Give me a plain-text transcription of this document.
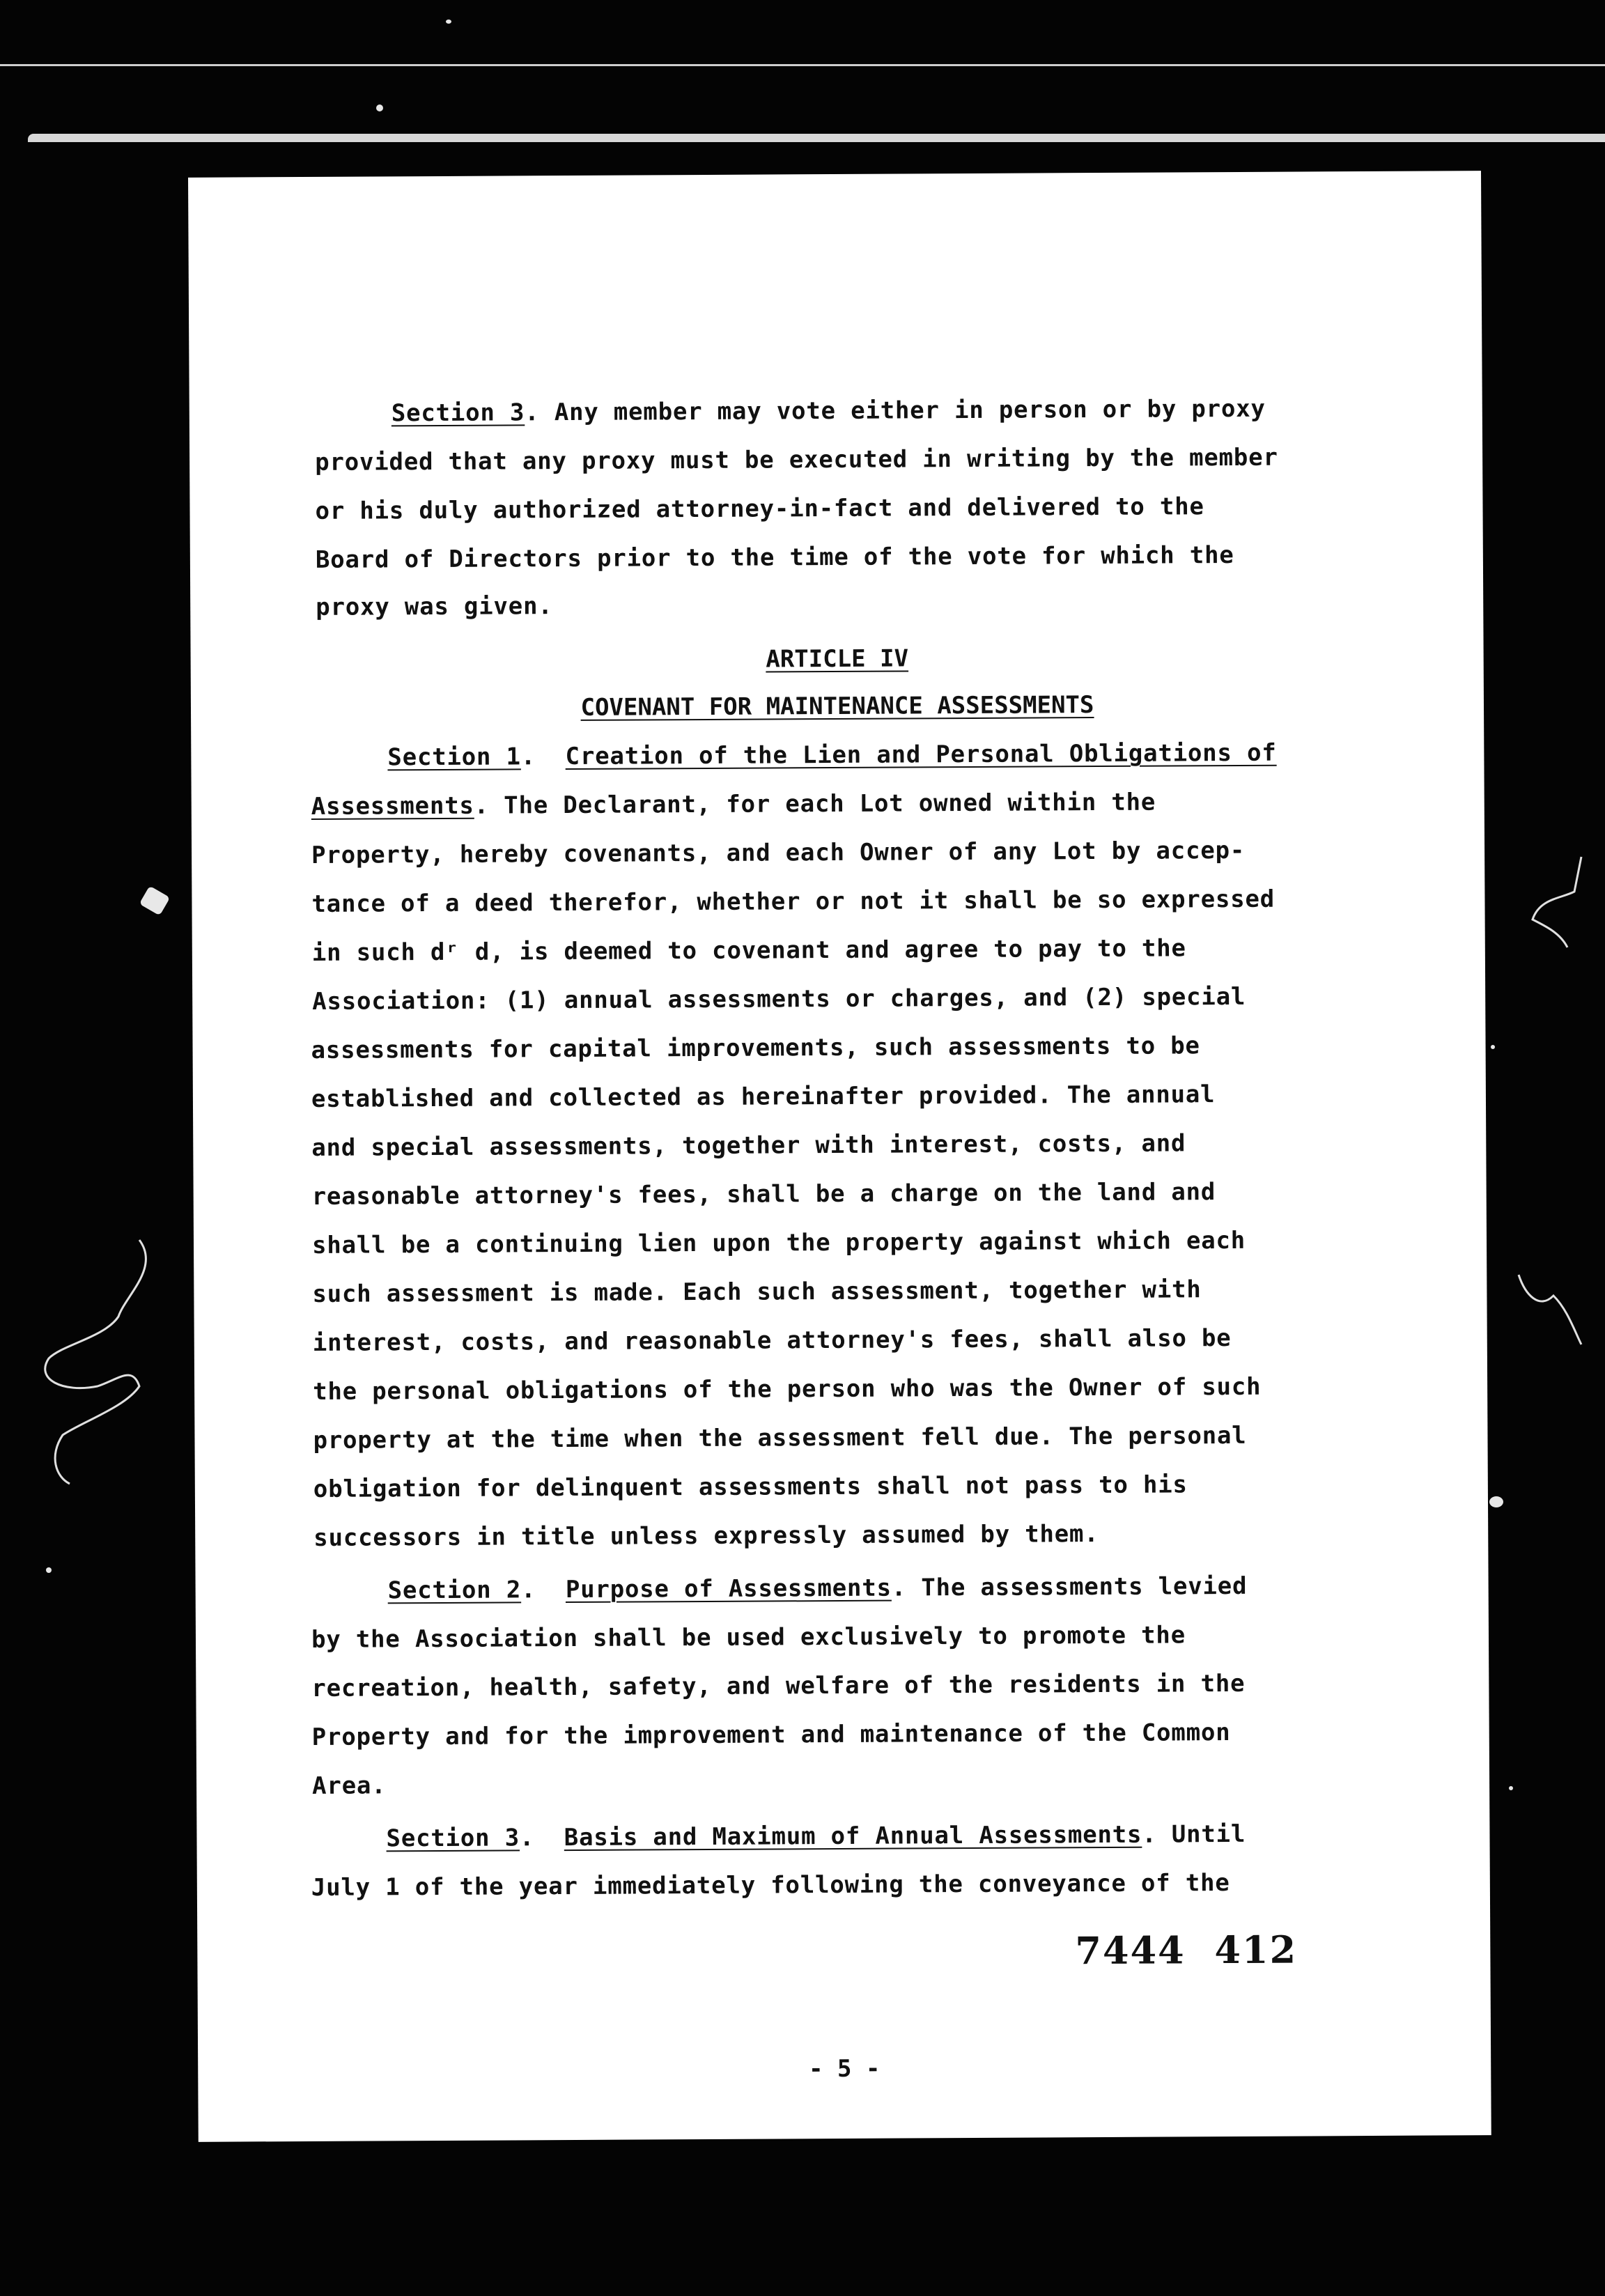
Section 3. Any member may vote either in person or by proxy
provided that any proxy must be executed in writing by the member
or his duly authorized attorney-in-fact and delivered to the
Board of Directors prior to the time of the vote for which the
proxy was given.
ARTICLE IV
COVENANT FOR MAINTENANCE ASSESSMENTS
Section 1.  Creation of the Lien and Personal Obligations of
Assessments. The Declarant, for each Lot owned within the
Property, hereby covenants, and each Owner of any Lot by accep-
tance of a deed therefor, whether or not it shall be so expressed
in such dʳ d, is deemed to covenant and agree to pay to the
Association: (1) annual assessments or charges, and (2) special
assessments for capital improvements, such assessments to be
established and collected as hereinafter provided. The annual
and special assessments, together with interest, costs, and
reasonable attorney's fees, shall be a charge on the land and
shall be a continuing lien upon the property against which each
such assessment is made. Each such assessment, together with
interest, costs, and reasonable attorney's fees, shall also be
the personal obligations of the person who was the Owner of such
property at the time when the assessment fell due. The personal
obligation for delinquent assessments shall not pass to his
successors in title unless expressly assumed by them.
Section 2.  Purpose of Assessments. The assessments levied
by the Association shall be used exclusively to promote the
recreation, health, safety, and welfare of the residents in the
Property and for the improvement and maintenance of the Common
Area.
Section 3.  Basis and Maximum of Annual Assessments. Until
July 1 of the year immediately following the conveyance of the
7444 412
- 5 -
